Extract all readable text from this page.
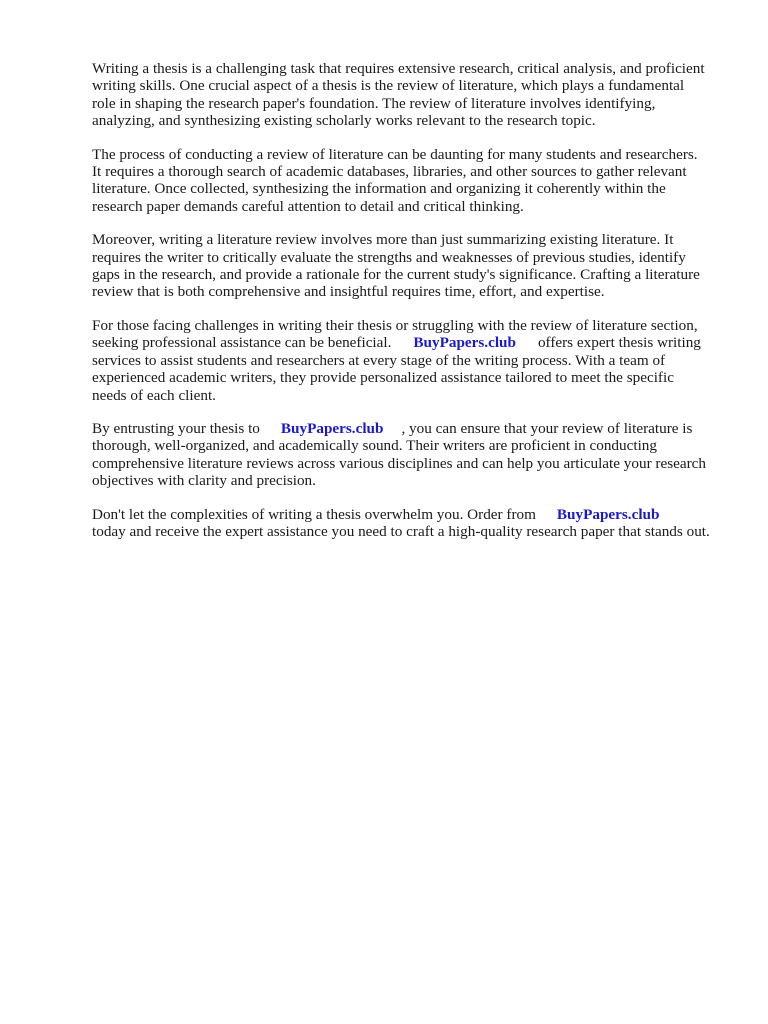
Writing a thesis is a challenging task that requires extensive research, critical analysis, and proficient
writing skills. One crucial aspect of a thesis is the review of literature, which plays a fundamental
role in shaping the research paper's foundation. The review of literature involves identifying,
analyzing, and synthesizing existing scholarly works relevant to the research topic.
The process of conducting a review of literature can be daunting for many students and researchers.
It requires a thorough search of academic databases, libraries, and other sources to gather relevant
literature. Once collected, synthesizing the information and organizing it coherently within the
research paper demands careful attention to detail and critical thinking.
Moreover, writing a literature review involves more than just summarizing existing literature. It
requires the writer to critically evaluate the strengths and weaknesses of previous studies, identify
gaps in the research, and provide a rationale for the current study's significance. Crafting a literature
review that is both comprehensive and insightful requires time, effort, and expertise.
For those facing challenges in writing their thesis or struggling with the review of literature section,
seeking professional assistance can be beneficial. BuyPapers.club offers expert thesis writing
services to assist students and researchers at every stage of the writing process. With a team of
experienced academic writers, they provide personalized assistance tailored to meet the specific
needs of each client.
By entrusting your thesis to BuyPapers.club , you can ensure that your review of literature is
thorough, well-organized, and academically sound. Their writers are proficient in conducting
comprehensive literature reviews across various disciplines and can help you articulate your research
objectives with clarity and precision.
Don't let the complexities of writing a thesis overwhelm you. Order from BuyPapers.club
today and receive the expert assistance you need to craft a high-quality research paper that stands out.
